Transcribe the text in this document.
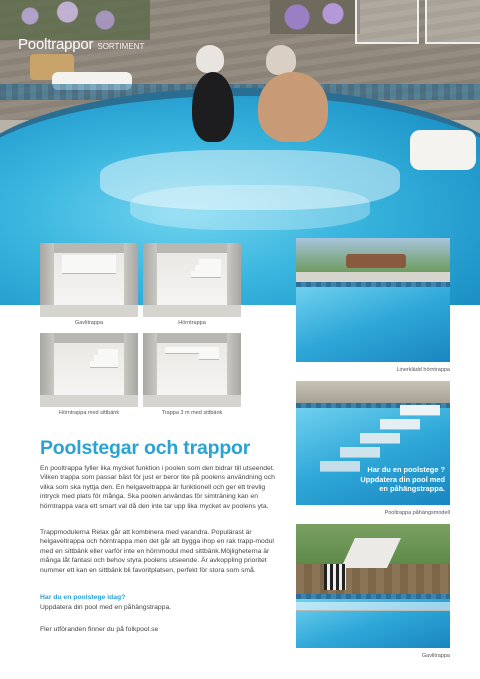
Pooltrappor SORTIMENT
Gavlitrappa	Hörntrappa
Hörntrappa med sittbänk	Trappa 3 m med sittbänk
Linerklädd hörntrappa
Har du en poolstege ?
Uppdatera din pool med
en påhängstrappa.
Pooltrappa påhängsmodell
Gavlitrappa
Poolstegar och trappor

En pooltrappa fyller lika mycket funktion i poolen som den bidrar till utseendet. Vilken trappa som passar bäst för just er beror lite på poolens användning och vilka som ska nyttja den. En helgaveltrappa är funktionell och ger ett trevlig intryck med plats för många. Ska poolen användas för simträning kan en hörntrappa vara ett smart val då den inte tar upp lika mycket av poolens yta.

Trappmodulerna Relax går att kombinera med varandra. Populärast är helgaveltrappa och hörntrappa men det går att bygga ihop en rak trapp-modul med en sittbänk eller varför inte en hörnmodul med sittbänk.Möjligheterna är många låt fantasi och behov styra poolens utseende. Är avkoppling prioritet nummer ett kan en sittbänk bli favoritplatsen, perfekt för stora som små.

Har du en poolstege idag?
Uppdatera din pool med en påhängstrappa.
Fler utföranden finner du på folkpool.se
